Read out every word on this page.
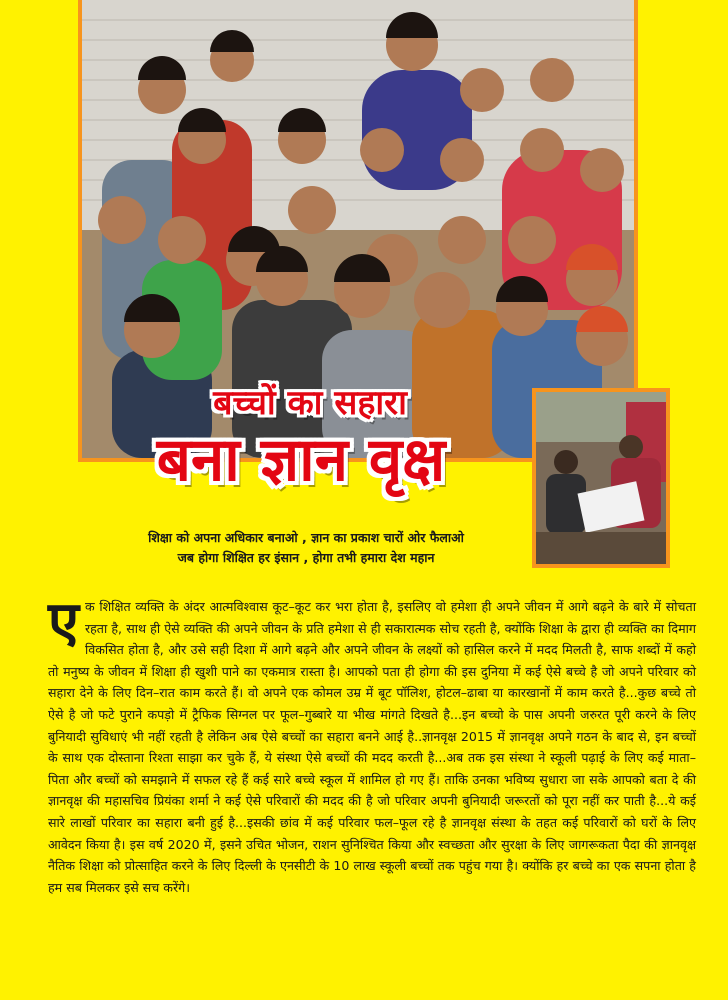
बच्चों का सहारा
बना ज्ञान वृक्ष
शिक्षा को अपना अधिकार बनाओ , ज्ञान का प्रकाश चारों ओर फैलाओ
जब होगा शिक्षित हर इंसान , होगा तभी हमारा देश महान
एक शिक्षित व्यक्ति के अंदर आत्मविश्वास कूट–कूट कर भरा होता है, इसलिए वो हमेशा ही अपने जीवन में आगे बढ़ने के बारे में सोचता रहता है, साथ ही ऐसे व्यक्ति की अपने जीवन के प्रति हमेशा से ही सकारात्मक सोच रहती है, क्योंकि शिक्षा के द्वारा ही व्यक्ति का दिमाग विकसित होता है, और उसे सही दिशा में आगे बढ़ने और अपने जीवन के लक्ष्यों को हासिल करने में मदद मिलती है, साफ शब्दों में कहो तो मनुष्य के जीवन में शिक्षा ही खुशी पाने का एकमात्र रास्ता है। आपको पता ही होगा की इस दुनिया में कई ऐसे बच्चे है जो अपने परिवार को सहारा देने के लिए दिन–रात काम करते हैं। वो अपने एक कोमल उम्र में बूट पॉलिश, होटल–ढाबा या कारखानों में काम करते है...कुछ बच्चे तो ऐसे है जो फटे पुराने कपड़ो में ट्रैफिक सिग्नल पर फूल–गुब्बारे या भीख मांगते दिखते है...इन बच्चो के पास अपनी जरुरत पूरी करने के लिए बुनियादी सुविधाएं भी नहीं रहती है लेकिन अब ऐसे बच्चों का सहारा बनने आई है..ज्ञानवृक्ष 2015 में ज्ञानवृक्ष अपने गठन के बाद से, इन बच्चों के साथ एक दोस्ताना रिश्ता साझा कर चुके हैं, ये संस्था ऐसे बच्चों की मदद करती है...अब तक इस संस्था ने स्कूली पढ़ाई के लिए कई माता–पिता और बच्चों को समझाने में सफल रहे हैं कई सारे बच्चे स्कूल में शामिल हो गए हैं। ताकि उनका भविष्य सुधारा जा सके आपको बता दे की ज्ञानवृक्ष की महासचिव प्रियंका शर्मा ने कई ऐसे परिवारों की मदद की है जो परिवार अपनी बुनियादी जरूरतों को पूरा नहीं कर पाती है...ये कई सारे लाखों परिवार का सहारा बनी हुई है...इसकी छांव में कई परिवार फल–फूल रहे है ज्ञानवृक्ष संस्था के तहत कई परिवारों को घरों के लिए आवेदन किया है। इस वर्ष 2020 में, इसने उचित भोजन, राशन सुनिश्चित किया और स्वच्छता और सुरक्षा के लिए जागरूकता पैदा की ज्ञानवृक्ष नैतिक शिक्षा को प्रोत्साहित करने के लिए दिल्ली के एनसीटी के 10 लाख स्कूली बच्चों तक पहुंच गया है। क्योंकि हर बच्चे का एक सपना होता है हम सब मिलकर इसे सच करेंगे।
